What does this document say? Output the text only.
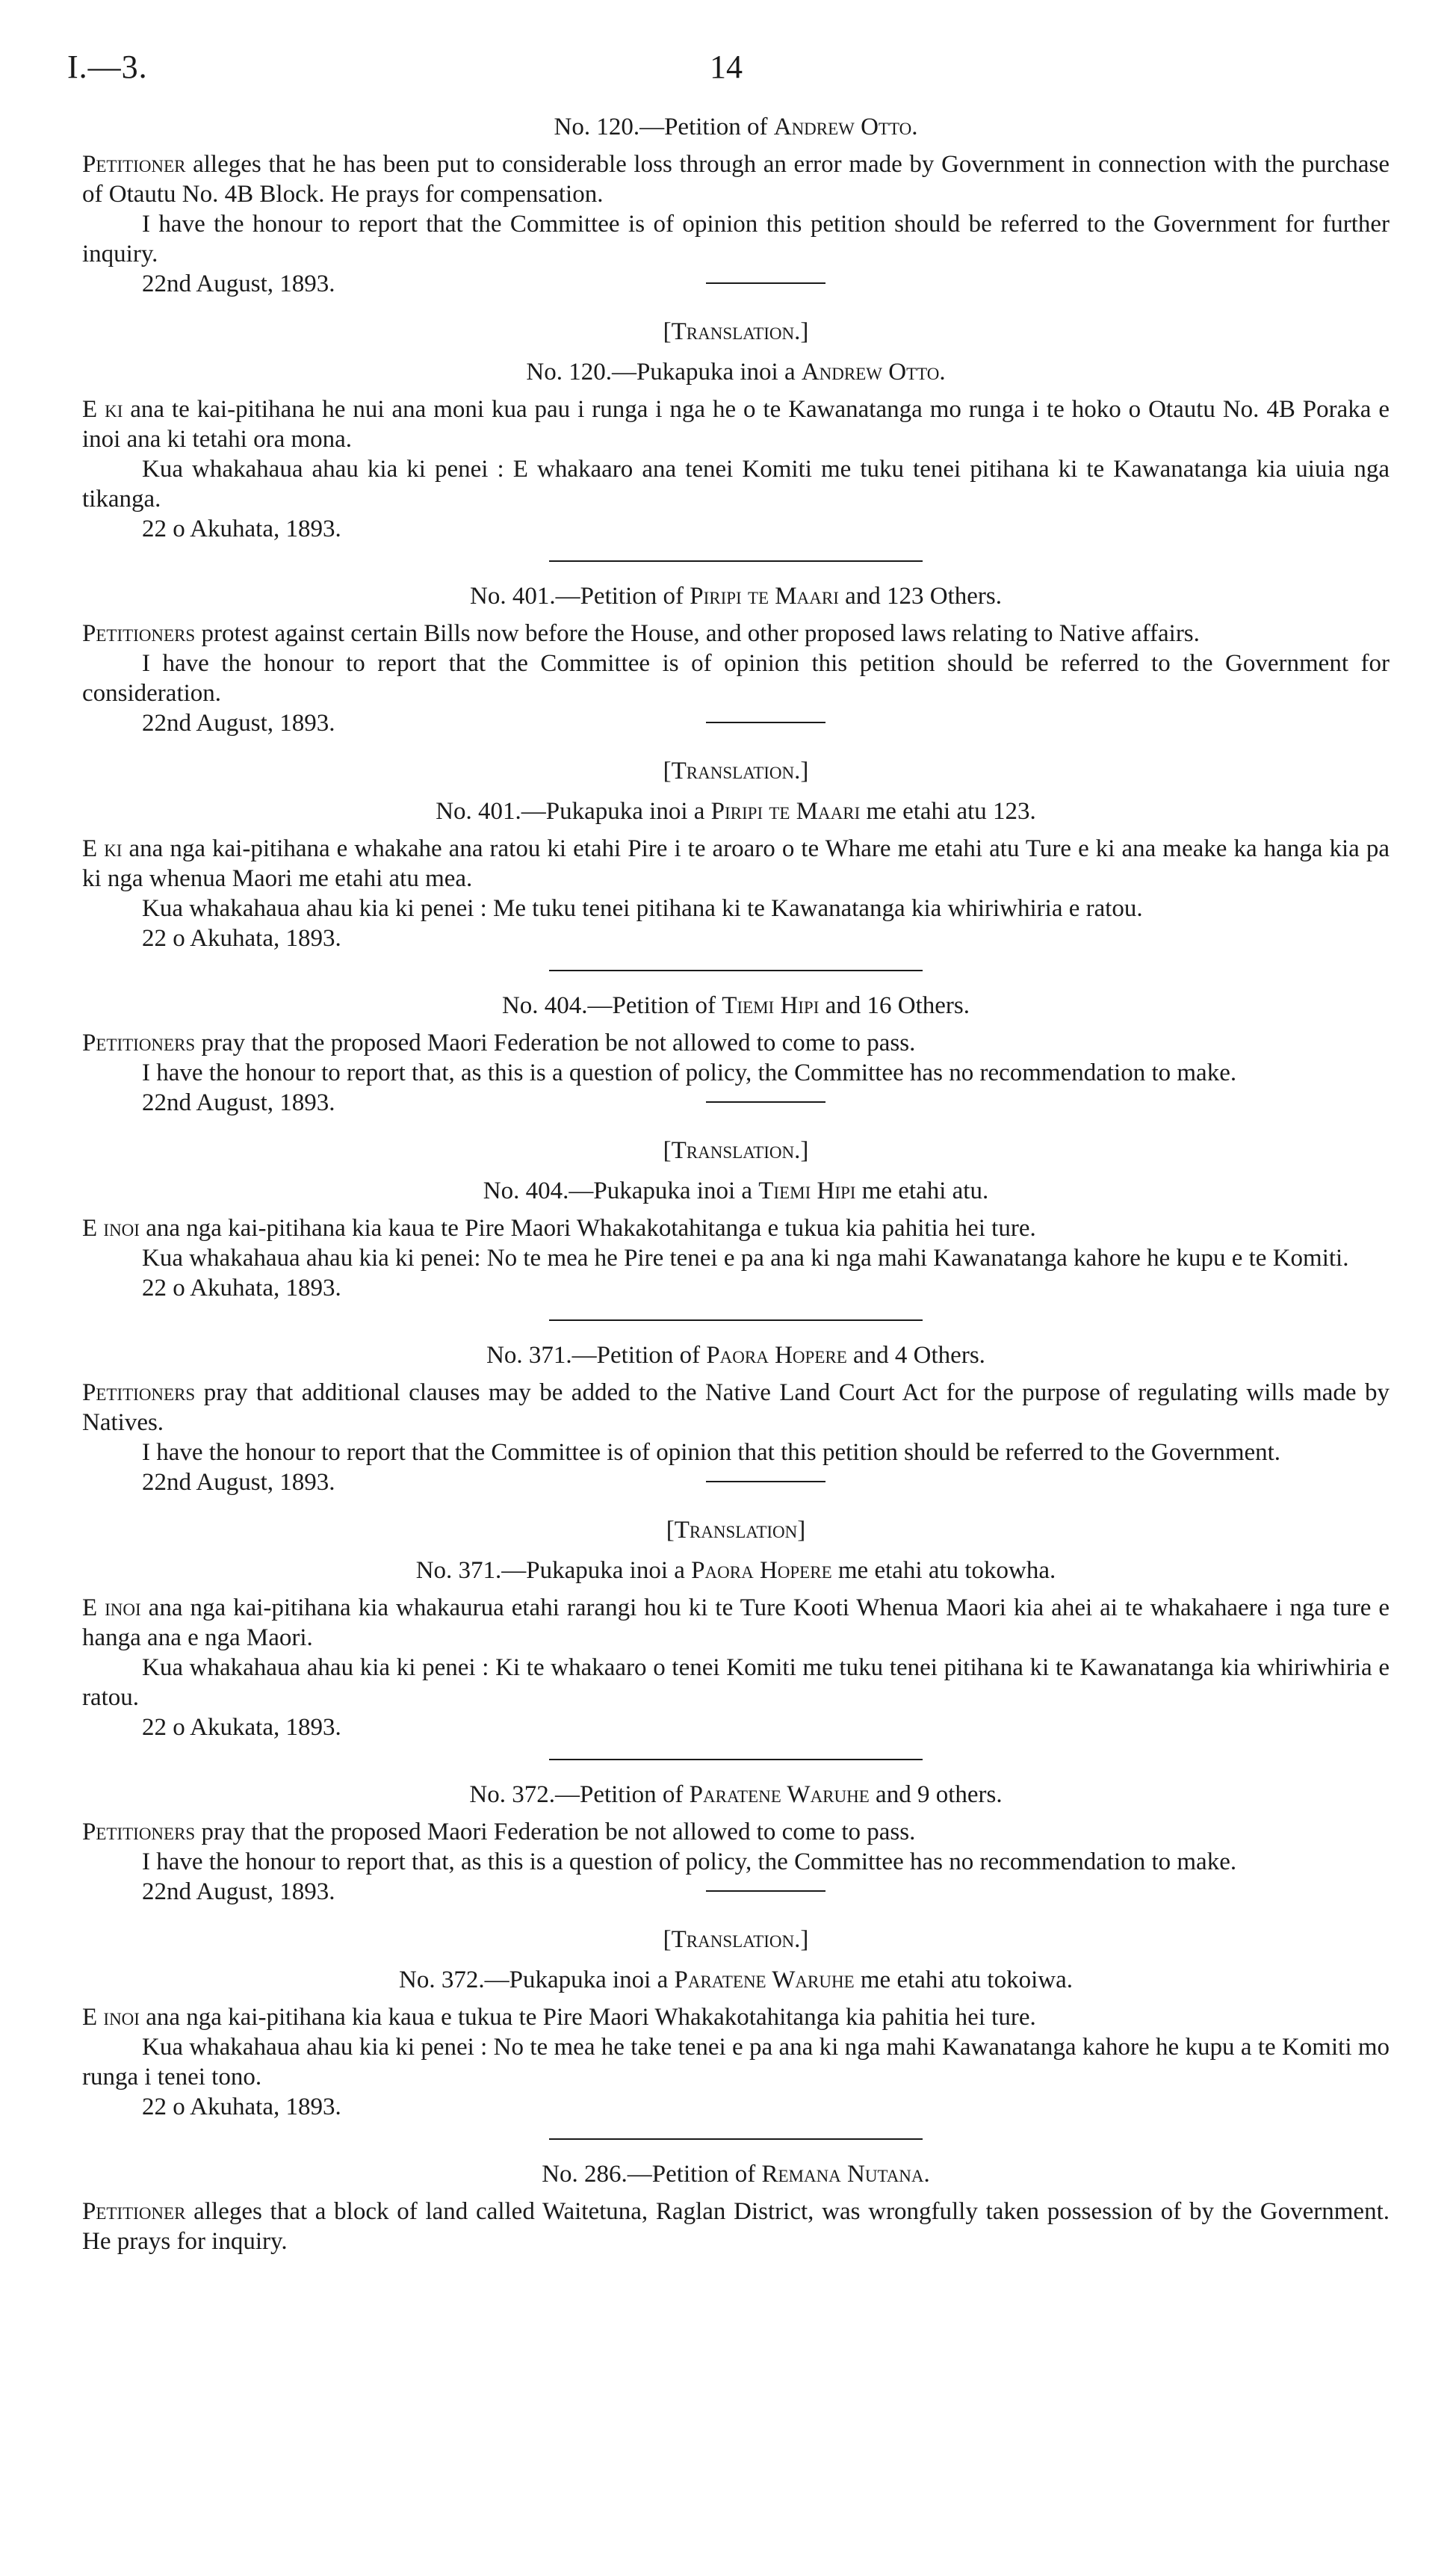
I.—3.	14
No. 120.—Petition of Andrew Otto.

Petitioner alleges that he has been put to considerable loss through an error made by Government in connection with the purchase of Otautu No. 4B Block. He prays for compensation.

I have the honour to report that the Committee is of opinion this petition should be referred to the Government for further inquiry.

22nd August, 1893.

[Translation.]
No. 120.—Pukapuka inoi a Andrew Otto.

E ki ana te kai-pitihana he nui ana moni kua pau i runga i nga he o te Kawanatanga mo runga i te hoko o Otautu No. 4B Poraka e inoi ana ki tetahi ora mona.

Kua whakahaua ahau kia ki penei : E whakaaro ana tenei Komiti me tuku tenei pitihana ki te Kawanatanga kia uiuia nga tikanga.

22 o Akuhata, 1893.

No. 401.—Petition of Piripi te Maari and 123 Others.

Petitioners protest against certain Bills now before the House, and other proposed laws relating to Native affairs.

I have the honour to report that the Committee is of opinion this petition should be referred to the Government for consideration.

22nd August, 1893.

[Translation.]
No. 401.—Pukapuka inoi a Piripi te Maari me etahi atu 123.

E ki ana nga kai-pitihana e whakahe ana ratou ki etahi Pire i te aroaro o te Whare me etahi atu Ture e ki ana meake ka hanga kia pa ki nga whenua Maori me etahi atu mea.

Kua whakahaua ahau kia ki penei : Me tuku tenei pitihana ki te Kawanatanga kia whiriwhiria e ratou.

22 o Akuhata, 1893.

No. 404.—Petition of Tiemi Hipi and 16 Others.

Petitioners pray that the proposed Maori Federation be not allowed to come to pass.

I have the honour to report that, as this is a question of policy, the Committee has no recommendation to make.

22nd August, 1893.

[Translation.]
No. 404.—Pukapuka inoi a Tiemi Hipi me etahi atu.

E inoi ana nga kai-pitihana kia kaua te Pire Maori Whakakotahitanga e tukua kia pahitia hei ture.

Kua whakahaua ahau kia ki penei: No te mea he Pire tenei e pa ana ki nga mahi Kawanatanga kahore he kupu e te Komiti.

22 o Akuhata, 1893.

No. 371.—Petition of Paora Hopere and 4 Others.

Petitioners pray that additional clauses may be added to the Native Land Court Act for the purpose of regulating wills made by Natives.

I have the honour to report that the Committee is of opinion that this petition should be referred to the Government.

22nd August, 1893.

[Translation]
No. 371.—Pukapuka inoi a Paora Hopere me etahi atu tokowha.

E inoi ana nga kai-pitihana kia whakaurua etahi rarangi hou ki te Ture Kooti Whenua Maori kia ahei ai te whakahaere i nga ture e hanga ana e nga Maori.

Kua whakahaua ahau kia ki penei : Ki te whakaaro o tenei Komiti me tuku tenei pitihana ki te Kawanatanga kia whiriwhiria e ratou.

22 o Akukata, 1893.

No. 372.—Petition of Paratene Waruhe and 9 others.

Petitioners pray that the proposed Maori Federation be not allowed to come to pass.

I have the honour to report that, as this is a question of policy, the Committee has no recommendation to make.

22nd August, 1893.

[Translation.]
No. 372.—Pukapuka inoi a Paratene Waruhe me etahi atu tokoiwa.

E inoi ana nga kai-pitihana kia kaua e tukua te Pire Maori Whakakotahitanga kia pahitia hei ture.

Kua whakahaua ahau kia ki penei : No te mea he take tenei e pa ana ki nga mahi Kawanatanga kahore he kupu a te Komiti mo runga i tenei tono.

22 o Akuhata, 1893.

No. 286.—Petition of Remana Nutana.

Petitioner alleges that a block of land called Waitetuna, Raglan District, was wrongfully taken possession of by the Government. He prays for inquiry.
